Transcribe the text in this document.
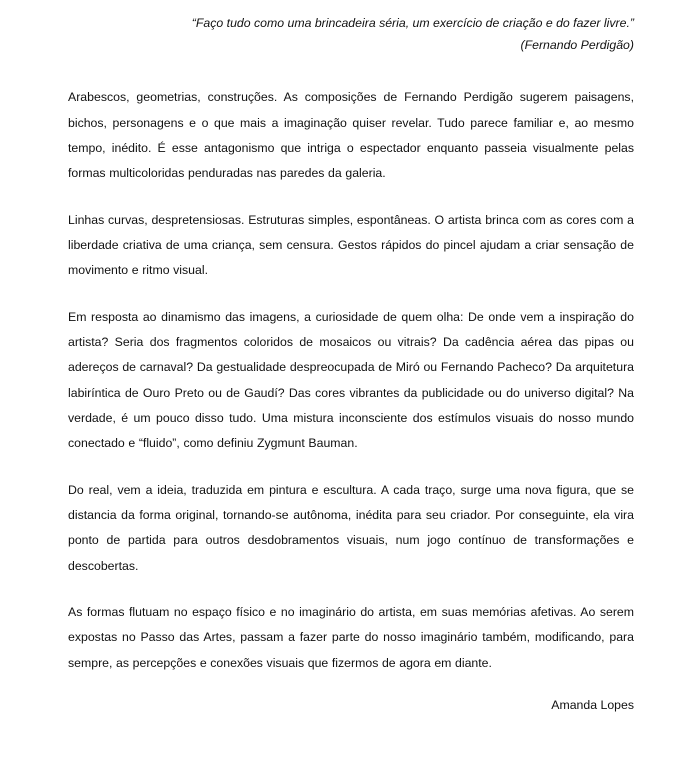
“Faço tudo como uma brincadeira séria, um exercício de criação e do fazer livre.”
(Fernando Perdigão)

Arabescos, geometrias, construções. As composições de Fernando Perdigão sugerem paisagens, bichos, personagens e o que mais a imaginação quiser revelar. Tudo parece familiar e, ao mesmo tempo, inédito. É esse antagonismo que intriga o espectador enquanto passeia visualmente pelas formas multicoloridas penduradas nas paredes da galeria.

Linhas curvas, despretensiosas. Estruturas simples, espontâneas. O artista brinca com as cores com a liberdade criativa de uma criança, sem censura. Gestos rápidos do pincel ajudam a criar sensação de movimento e ritmo visual.

Em resposta ao dinamismo das imagens, a curiosidade de quem olha: De onde vem a inspiração do artista? Seria dos fragmentos coloridos de mosaicos ou vitrais? Da cadência aérea das pipas ou adereços de carnaval? Da gestualidade despreocupada de Miró ou Fernando Pacheco? Da arquitetura labiríntica de Ouro Preto ou de Gaudí? Das cores vibrantes da publicidade ou do universo digital? Na verdade, é um pouco disso tudo. Uma mistura inconsciente dos estímulos visuais do nosso mundo conectado e “fluido”, como definiu Zygmunt Bauman.

Do real, vem a ideia, traduzida em pintura e escultura. A cada traço, surge uma nova figura, que se distancia da forma original, tornando-se autônoma, inédita para seu criador. Por conseguinte, ela vira ponto de partida para outros desdobramentos visuais, num jogo contínuo de transformações e descobertas.

As formas flutuam no espaço físico e no imaginário do artista, em suas memórias afetivas. Ao serem expostas no Passo das Artes, passam a fazer parte do nosso imaginário também, modificando, para sempre, as percepções e conexões visuais que fizermos de agora em diante.

Amanda Lopes
